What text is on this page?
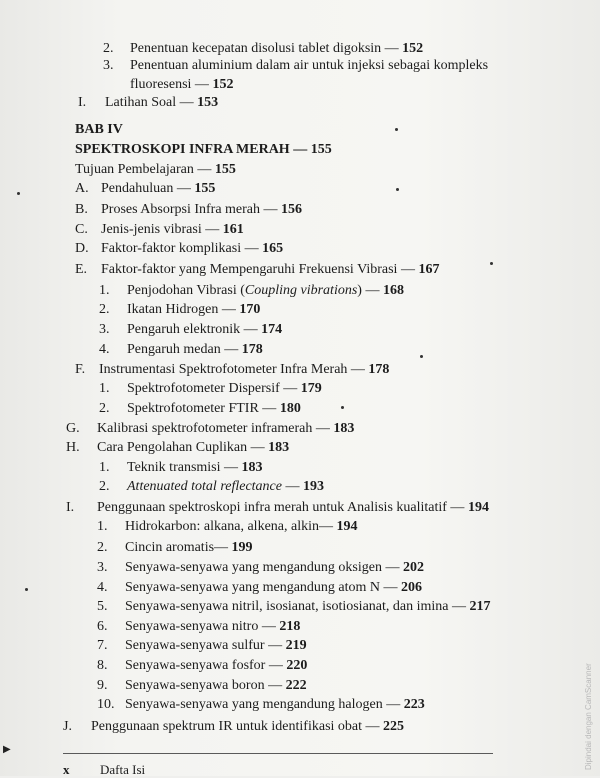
2. Penentuan kecepatan disolusi tablet digoksin — 152
3. Penentuan aluminium dalam air untuk injeksi sebagai kompleks
fluoresensi — 152
I. Latihan Soal — 153
BAB IV
SPEKTROSKOPI INFRA MERAH — 155
Tujuan Pembelajaran — 155
A. Pendahuluan — 155
B. Proses Absorpsi Infra merah — 156
C. Jenis-jenis vibrasi — 161
D. Faktor-faktor komplikasi — 165
E. Faktor-faktor yang Mempengaruhi Frekuensi Vibrasi — 167
1. Penjodohan Vibrasi (Coupling vibrations) — 168
2. Ikatan Hidrogen — 170
3. Pengaruh elektronik — 174
4. Pengaruh medan — 178
F. Instrumentasi Spektrofotometer Infra Merah — 178
1. Spektrofotometer Dispersif — 179
2. Spektrofotometer FTIR — 180
G. Kalibrasi spektrofotometer inframerah — 183
H. Cara Pengolahan Cuplikan — 183
1. Teknik transmisi — 183
2. Attenuated total reflectance — 193
I. Penggunaan spektroskopi infra merah untuk Analisis kualitatif — 194
1. Hidrokarbon: alkana, alkena, alkin— 194
2. Cincin aromatis— 199
3. Senyawa-senyawa yang mengandung oksigen — 202
4. Senyawa-senyawa yang mengandung atom N — 206
5. Senyawa-senyawa nitril, isosianat, isotiosianat, dan imina — 217
6. Senyawa-senyawa nitro — 218
7. Senyawa-senyawa sulfur — 219
8. Senyawa-senyawa fosfor — 220
9. Senyawa-senyawa boron — 222
10. Senyawa-senyawa yang mengandung halogen — 223
J. Penggunaan spektrum IR untuk identifikasi obat — 225
▶
x Dafta Isi	Dipindai dengan CamScanner
